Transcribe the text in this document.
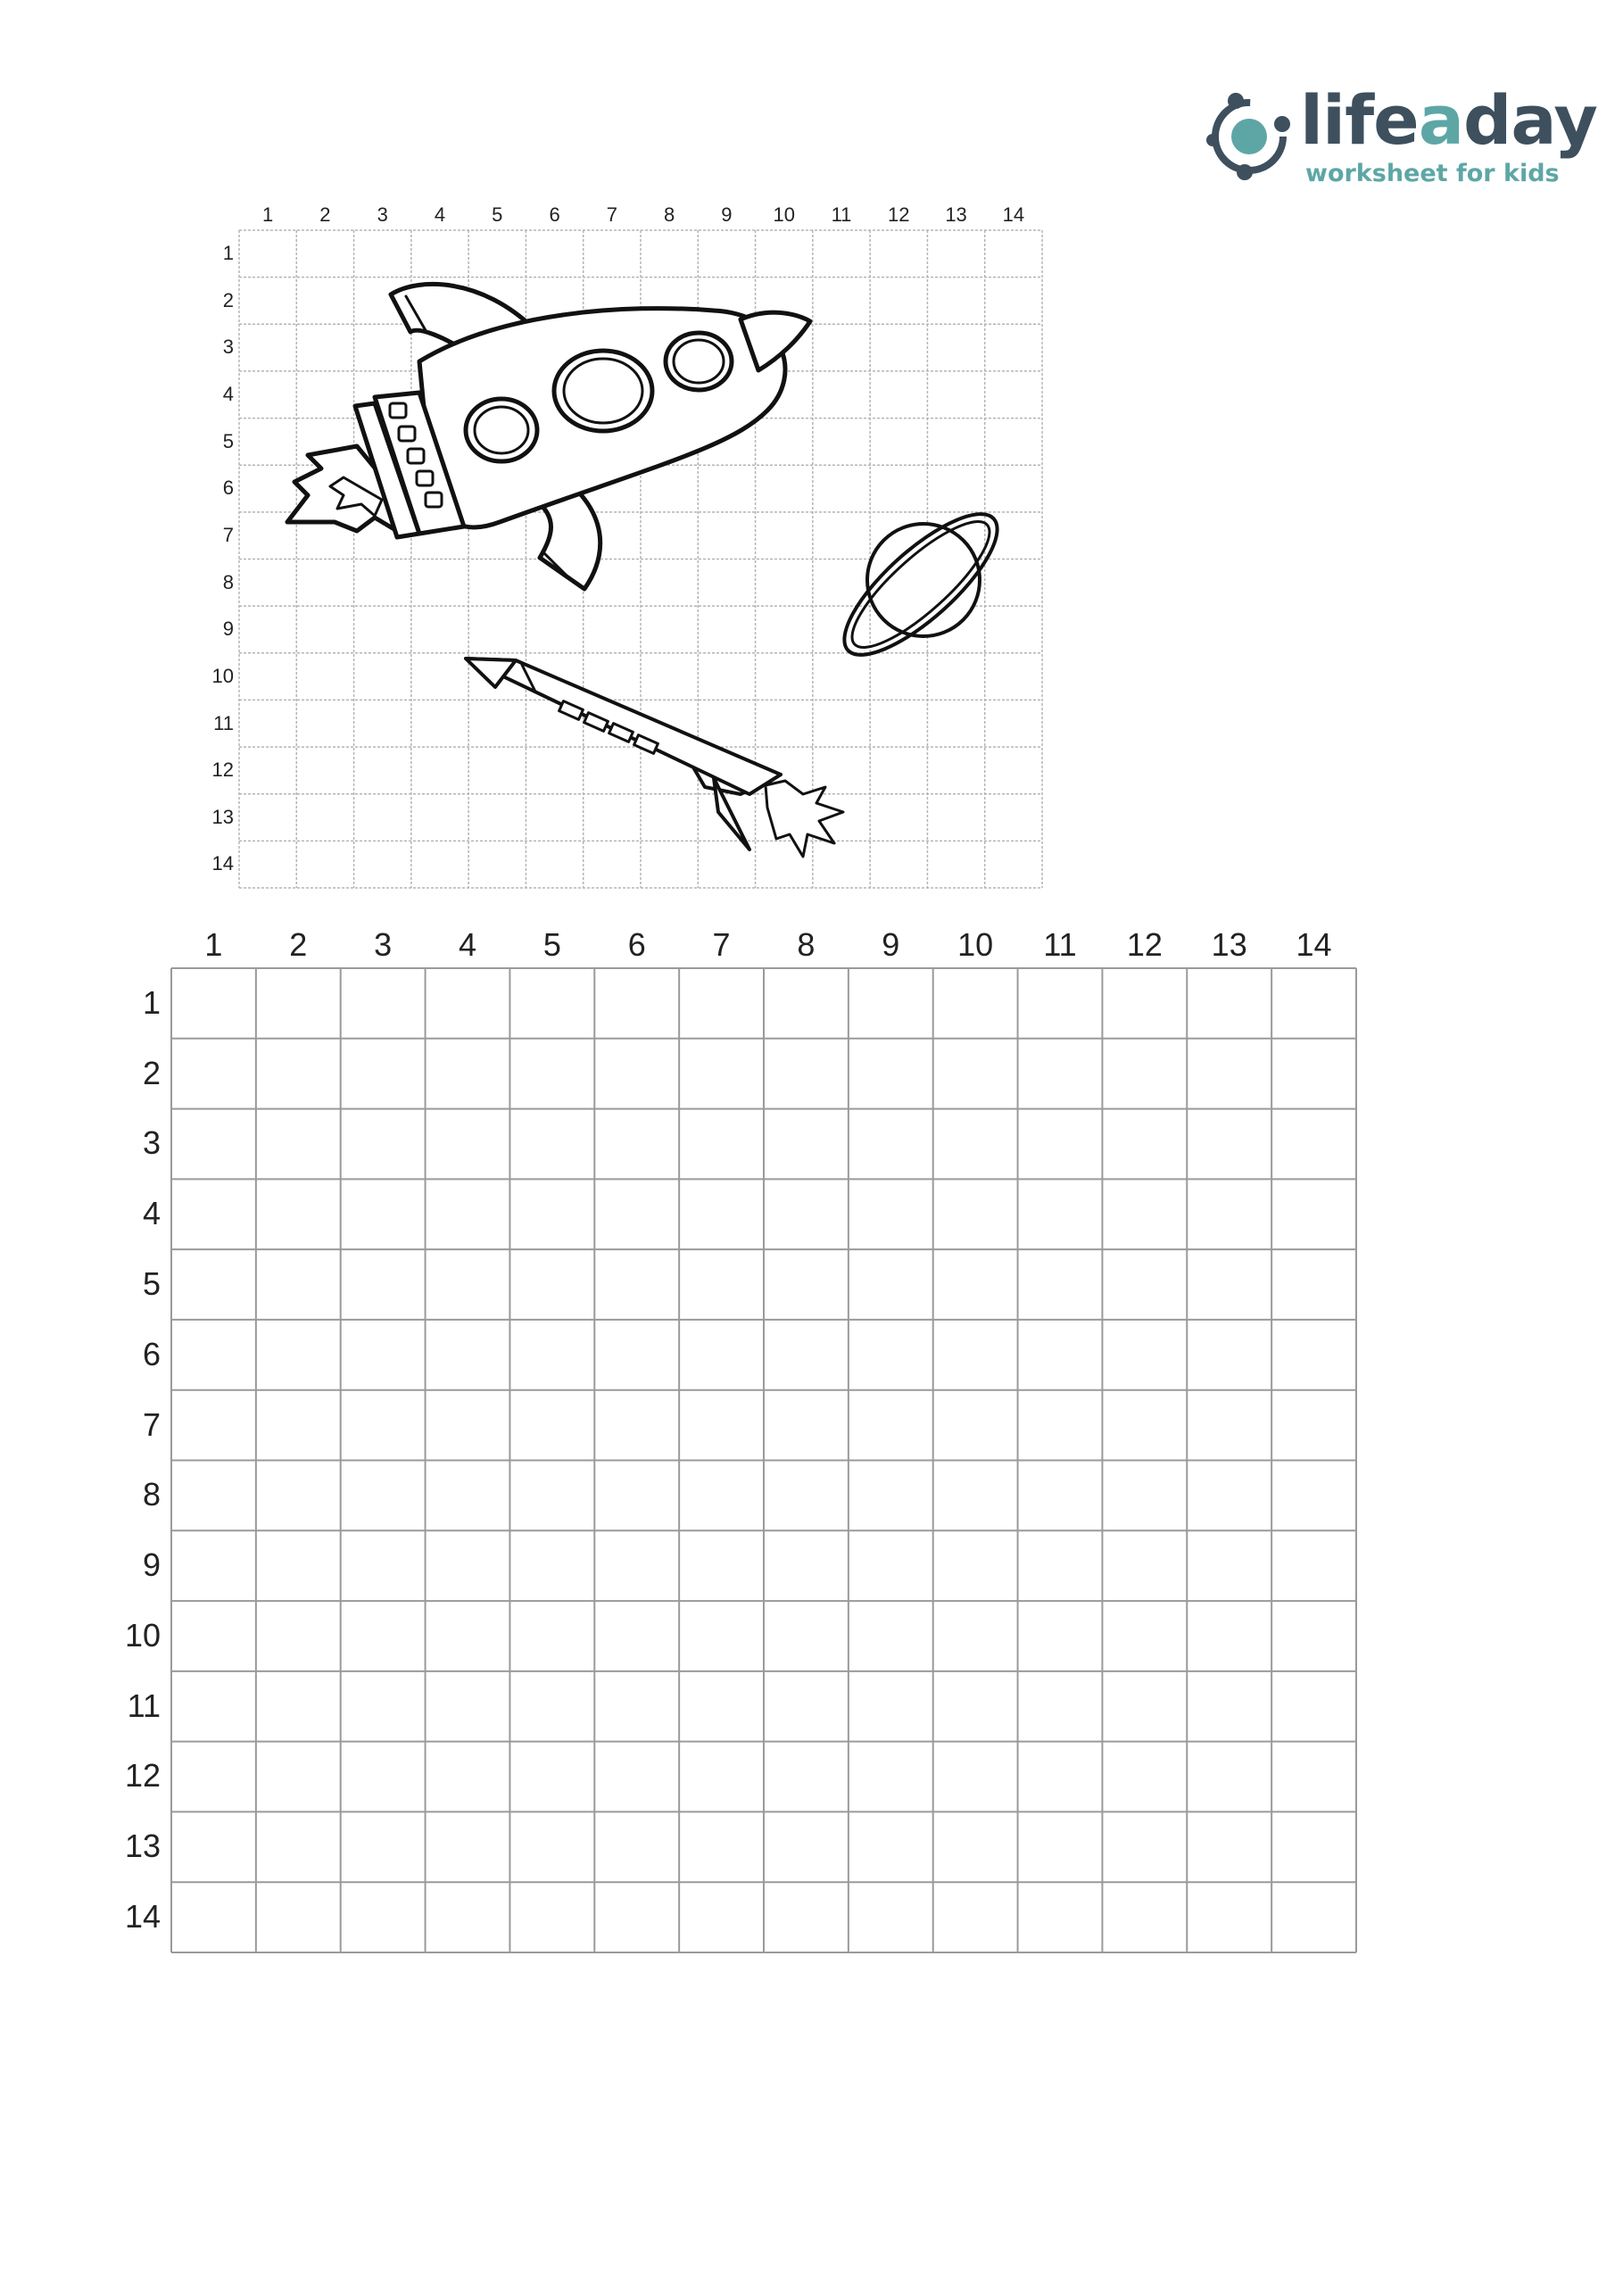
lifeaday
worksheet for kids
1	2	3	4	5	6	7	8	9	10	11	12	13	14
1
2
3
4
5
6
7
8
9
10
11
12
13
14
1	2	3	4	5	6	7	8	9	10	11	12	13	14
1
2
3
4
5
6
7
8
9
10
11
12
13
14
